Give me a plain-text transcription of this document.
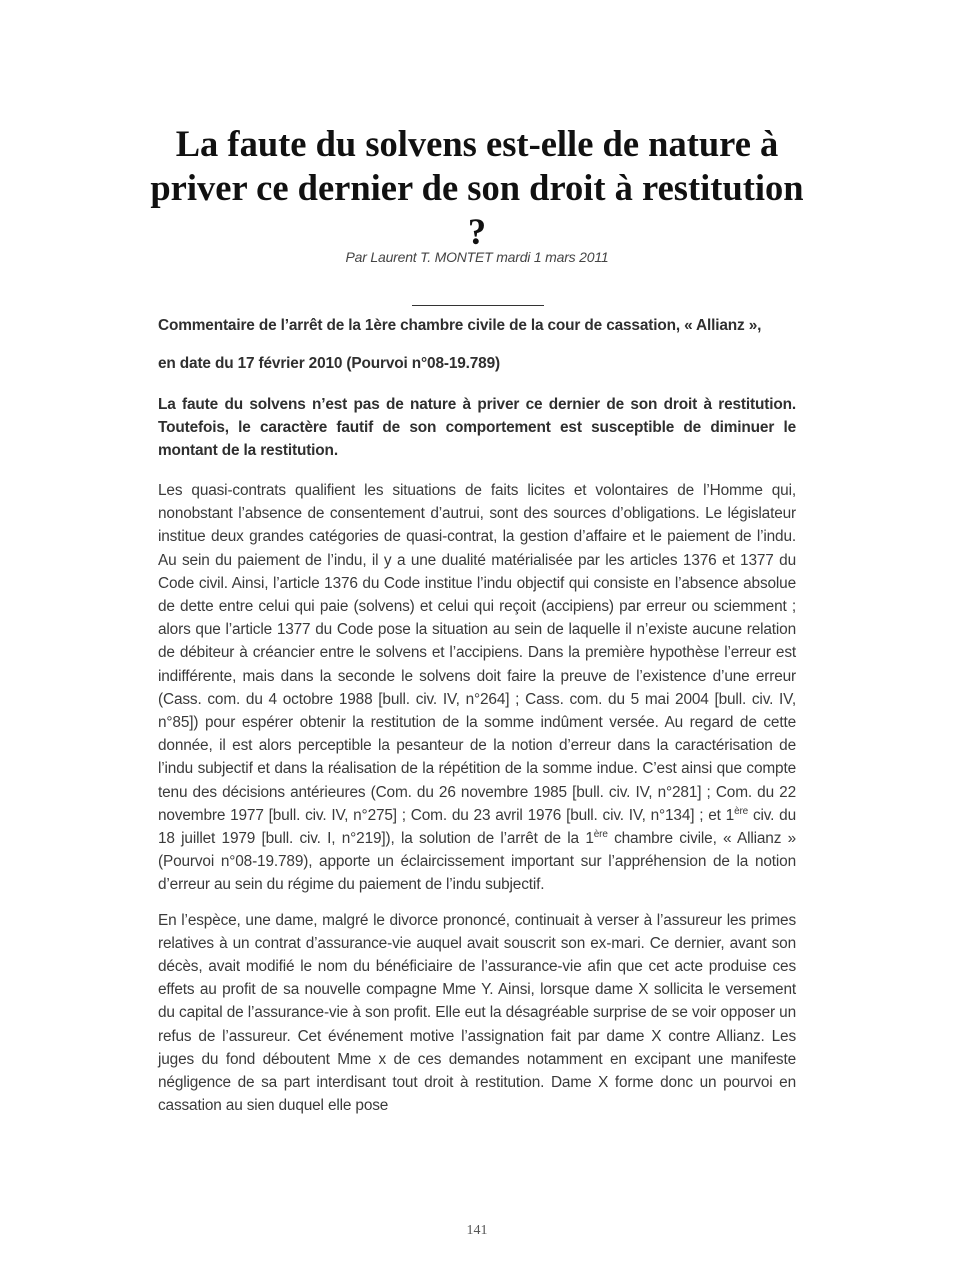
La faute du solvens est-elle de nature à priver ce dernier de son droit à restitution ?
Par Laurent T. MONTET mardi 1 mars 2011
Commentaire de l’arrêt de la 1ère chambre civile de la cour de cassation, « Allianz »,
en date du 17 février 2010 (Pourvoi n°08-19.789)
La faute du solvens n’est pas de nature à priver ce dernier de son droit à restitution. Toutefois, le caractère fautif de son comportement est susceptible de diminuer le montant de la restitution.

Les quasi-contrats qualifient les situations de faits licites et volontaires de l’Homme qui, nonobstant l’absence de consentement d’autrui, sont des sources d’obligations. Le législateur institue deux grandes catégories de quasi-contrat, la gestion d’affaire et le paiement de l’indu. Au sein du paiement de l’indu, il y a une dualité matérialisée par les articles 1376 et 1377 du Code civil. Ainsi, l’article 1376 du Code institue l’indu objectif qui consiste en l’absence absolue de dette entre celui qui paie (solvens) et celui qui reçoit (accipiens) par erreur ou sciemment ; alors que l’article 1377 du Code pose la situation au sein de laquelle il n’existe aucune relation de débiteur à créancier entre le solvens et l’accipiens. Dans la première hypothèse l’erreur est indifférente, mais dans la seconde le solvens doit faire la preuve de l’existence d’une erreur (Cass. com. du 4 octobre 1988 [bull. civ. IV, n°264] ; Cass. com. du 5 mai 2004 [bull. civ. IV, n°85]) pour espérer obtenir la restitution de la somme indûment versée. Au regard de cette donnée, il est alors perceptible la pesanteur de la notion d’erreur dans la caractérisation de l’indu subjectif et dans la réalisation de la répétition de la somme indue. C’est ainsi que compte tenu des décisions antérieures (Com. du 26 novembre 1985 [bull. civ. IV, n°281] ; Com. du 22 novembre 1977 [bull. civ. IV, n°275] ; Com. du 23 avril 1976 [bull. civ. IV, n°134] ; et 1ère civ. du 18 juillet 1979 [bull. civ. I, n°219]), la solution de l’arrêt de la 1ère chambre civile, « Allianz » (Pourvoi n°08-19.789), apporte un éclaircissement important sur l’appréhension de la notion d’erreur au sein du régime du paiement de l’indu subjectif.

En l’espèce, une dame, malgré le divorce prononcé, continuait à verser à l’assureur les primes relatives à un contrat d’assurance-vie auquel avait souscrit son ex-mari. Ce dernier, avant son décès, avait modifié le nom du bénéficiaire de l’assurance-vie afin que cet acte produise ces effets au profit de sa nouvelle compagne Mme Y. Ainsi, lorsque dame X sollicita le versement du capital de l’assurance-vie à son profit. Elle eut la désagréable surprise de se voir opposer un refus de l’assureur. Cet événement motive l’assignation fait par dame X contre Allianz. Les juges du fond déboutent Mme x de ces demandes notamment en excipant une manifeste négligence de sa part interdisant tout droit à restitution. Dame X forme donc un pourvoi en cassation au sien duquel elle pose

141
